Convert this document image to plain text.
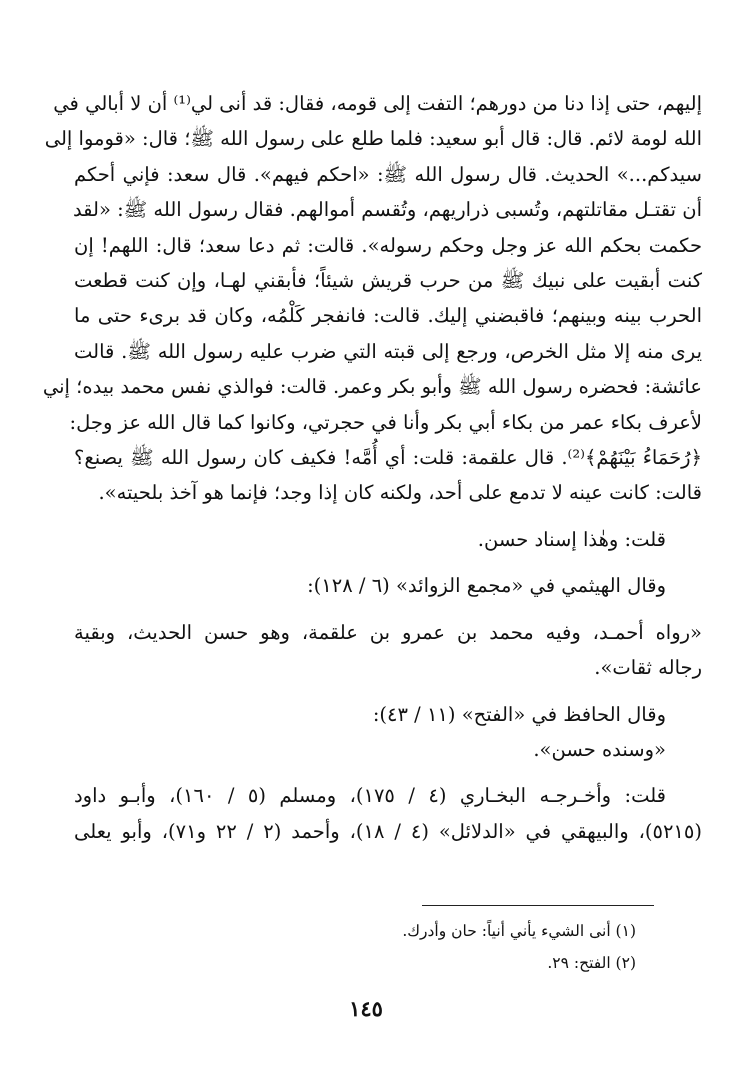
إليهم، حتى إذا دنا من دورهم؛ التفت إلى قومه، فقال: قد أنى لي⁽¹⁾ أن لا أبالي في
الله لومة لائم. قال: قال أبو سعيد: فلما طلع على رسول الله ﷺ؛ قال: «قوموا إلى
سيدكم...» الحديث. قال رسول الله ﷺ: «احكم فيهم». قال سعد: فإني أحكم
أن تقتـل مقاتلتهم، وتُسبى ذراريهم، وتُقسم أموالهم. فقال رسول الله ﷺ: «لقد
حكمت بحكم الله عز وجل وحكم رسوله». قالت: ثم دعا سعد؛ قال: اللهم! إن
كنت أبقيت على نبيك ﷺ من حرب قريش شيئاً؛ فأبقني لهـا، وإن كنت قطعت
الحرب بينه وبينهم؛ فاقبضني إليك. قالت: فانفجر كَلْمُه، وكان قد برىء حتى ما
يرى منه إلا مثل الخرص، ورجع إلى قبته التي ضرب عليه رسول الله ﷺ. قالت
عائشة: فحضره رسول الله ﷺ وأبو بكر وعمر. قالت: فوالذي نفس محمد بيده؛ إني
لأعرف بكاء عمر من بكاء أبي بكر وأنا في حجرتي، وكانوا كما قال الله عز وجل:
﴿رُحَمَاءُ بَيْنَهُمْ﴾⁽²⁾. قال علقمة: قلت: أي أُمَّه! فكيف كان رسول الله ﷺ يصنع؟
قالت: كانت عينه لا تدمع على أحد، ولكنه كان إذا وجد؛ فإنما هو آخذ بلحيته».

قلت: وهٰذا إسناد حسن.

وقال الهيثمي في «مجمع الزوائد» (٦ / ١٢٨):

«رواه أحمـد، وفيه محمد بن عمرو بن علقمة، وهو حسن الحديث، وبقية
رجاله ثقات».

وقال الحافظ في «الفتح» (١١ / ٤٣):

«وسنده حسن».

قلت: وأخـرجـه البخـاري (٤ / ١٧٥)، ومسلم (٥ / ١٦٠)، وأبـو داود
(٥٢١٥)، والبيهقي في «الدلائل» (٤ / ١٨)، وأحمد (٢ / ٢٢ و٧١)، وأبو يعلى

(١) أنى الشيء يأني أنياً: حان وأدرك.
(٢) الفتح: ٢٩.
١٤٥
